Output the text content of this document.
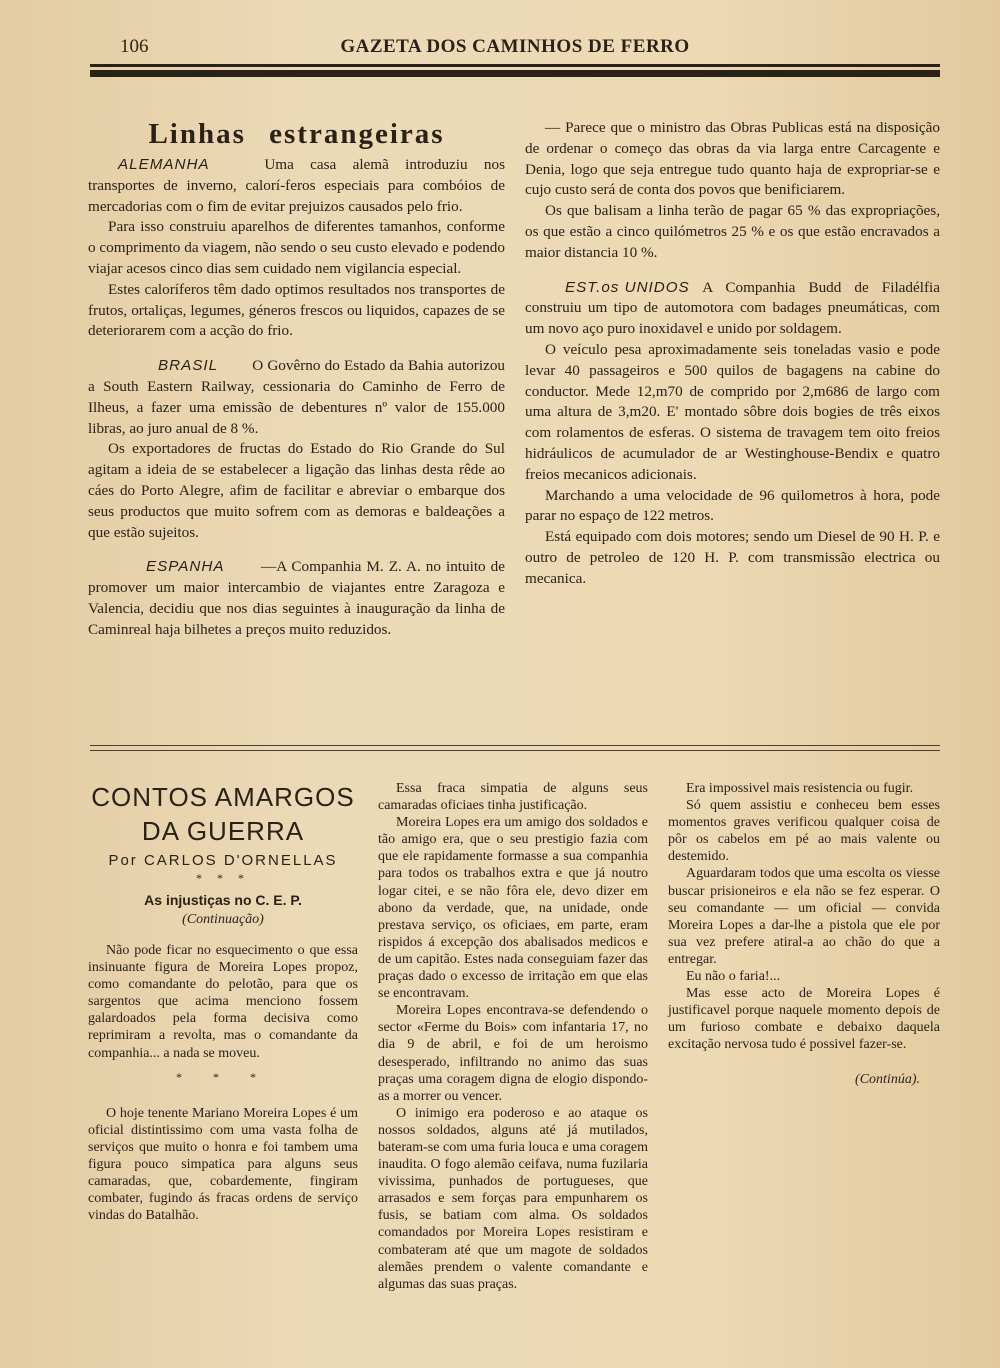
106	GAZETA DOS CAMINHOS DE FERRO
Linhas estrangeiras

ALEMANHA	Uma casa alemã introduziu nos transportes de inverno, calorí-feros especiais para combóios de mercadorias com o fim de evitar prejuizos causados pelo frio.

Para isso construiu aparelhos de diferentes tamanhos, conforme o comprimento da viagem, não sendo o seu custo elevado e podendo viajar acesos cinco dias sem cuidado nem vigilancia especial.

Estes caloríferos têm dado optimos resultados nos transportes de frutos, ortaliças, legumes, géneros frescos ou liquidos, capazes de se deteriorarem com a acção do frio.

BRASIL O Govêrno do Estado da Bahia autorizou a South Eastern Railway, cessionaria do Caminho de Ferro de Ilheus, a fazer uma emissão de debentures nº valor de 155.000 libras, ao juro anual de 8 %.

Os exportadores de fructas do Estado do Rio Grande do Sul agitam a ideia de se estabelecer a ligação das linhas desta rêde ao cáes do Porto Alegre, afim de facilitar e abreviar o embarque dos seus productos que muito sofrem com as demoras e baldeações a que estão sujeitos.

ESPANHA —A Companhia M. Z. A. no intuito de promover um maior intercambio de viajantes entre Zaragoza e Valencia, decidiu que nos dias seguintes à inauguração da linha de Caminreal haja bilhetes a preços muito reduzidos.

— Parece que o ministro das Obras Publicas está na disposição de ordenar o começo das obras da via larga entre Carcagente e Denia, logo que seja entregue tudo quanto haja de expropriar-se e cujo custo será de conta dos povos que benificiarem.

Os que balisam a linha terão de pagar 65 % das expropriações, os que estão a cinco quilómetros 25 % e os que estão encravados a maior distancia 10 %.

EST.os UNIDOS A Companhia Budd de Filadélfia construiu um tipo de automotora com badages pneumáticas, com um novo aço puro inoxidavel e unido por soldagem.

O veículo pesa aproximadamente seis toneladas vasio e pode levar 40 passageiros e 500 quilos de bagagens na cabine do conductor. Mede 12,m70 de comprido por 2,m686 de largo com uma altura de 3,m20. E' montado sôbre dois bogies de três eixos com rolamentos de esferas. O sistema de travagem tem oito freios hidráulicos de acumulador de ar Westinghouse-Bendix e quatro freios mecanicos adicionais.

Marchando a uma velocidade de 96 quilometros à hora, pode parar no espaço de 122 metros.

Está equipado com dois motores; sendo um Diesel de 90 H. P. e outro de petroleo de 120 H. P. com transmissão electrica ou mecanica.

CONTOS AMARGOS
DA GUERRA
Por CARLOS D'ORNELLAS
* * *
As injustiças no C. E. P.
(Continuação)

Não pode ficar no esquecimento o que essa insinuante figura de Moreira Lopes propoz, como comandante do pelotão, para que os sargentos que acima menciono fossem galardoados pela forma decisiva como reprimiram a revolta, mas o comandante da companhia... a nada se moveu.

* * *

O hoje tenente Mariano Moreira Lopes é um oficial distintissimo com uma vasta folha de serviços que muito o honra e foi tambem uma figura pouco simpatica para alguns seus camaradas, que, cobardemente, fingiram combater, fugindo ás fracas ordens de serviço vindas do Batalhão.

Essa fraca simpatia de alguns seus camaradas oficiaes tinha justificação.

Moreira Lopes era um amigo dos soldados e tão amigo era, que o seu prestigio fazia com que ele rapidamente formasse a sua companhia para todos os trabalhos extra e que já noutro logar citei, e se não fôra ele, devo dizer em abono da verdade, que, na unidade, onde prestava serviço, os oficiaes, em parte, eram rispidos á excepção dos abalisados medicos e de um capitão. Estes nada conseguiam fazer das praças dado o excesso de irritação em que elas se encontravam.

Moreira Lopes encontrava-se defendendo o sector «Ferme du Bois» com infantaria 17, no dia 9 de abril, e foi de um heroismo desesperado, infiltrando no animo das suas praças uma coragem digna de elogio dispondo-as a morrer ou vencer.

O inimigo era poderoso e ao ataque os nossos soldados, alguns até já mutilados, bateram-se com uma furia louca e uma coragem inaudita. O fogo alemão ceifava, numa fuzilaria vivissima, punhados de portugueses, que arrasados e sem forças para empunharem os fusis, se batiam com alma. Os soldados comandados por Moreira Lopes resistiram e combateram até que um magote de soldados alemães prendem o valente comandante e algumas das suas praças.

Era impossivel mais resistencia ou fugir.

Só quem assistiu e conheceu bem esses momentos graves verificou qualquer coisa de pôr os cabelos em pé ao mais valente ou destemido.

Aguardaram todos que uma escolta os viesse buscar prisioneiros e ela não se fez esperar. O seu comandante — um oficial — convida Moreira Lopes a dar-lhe a pistola que ele por sua vez prefere atiral-a ao chão do que a entregar.

Eu não o faria!...

Mas esse acto de Moreira Lopes é justificavel porque naquele momento depois de um furioso combate e debaixo daquela excitação nervosa tudo é possivel fazer-se.

(Continúa).
